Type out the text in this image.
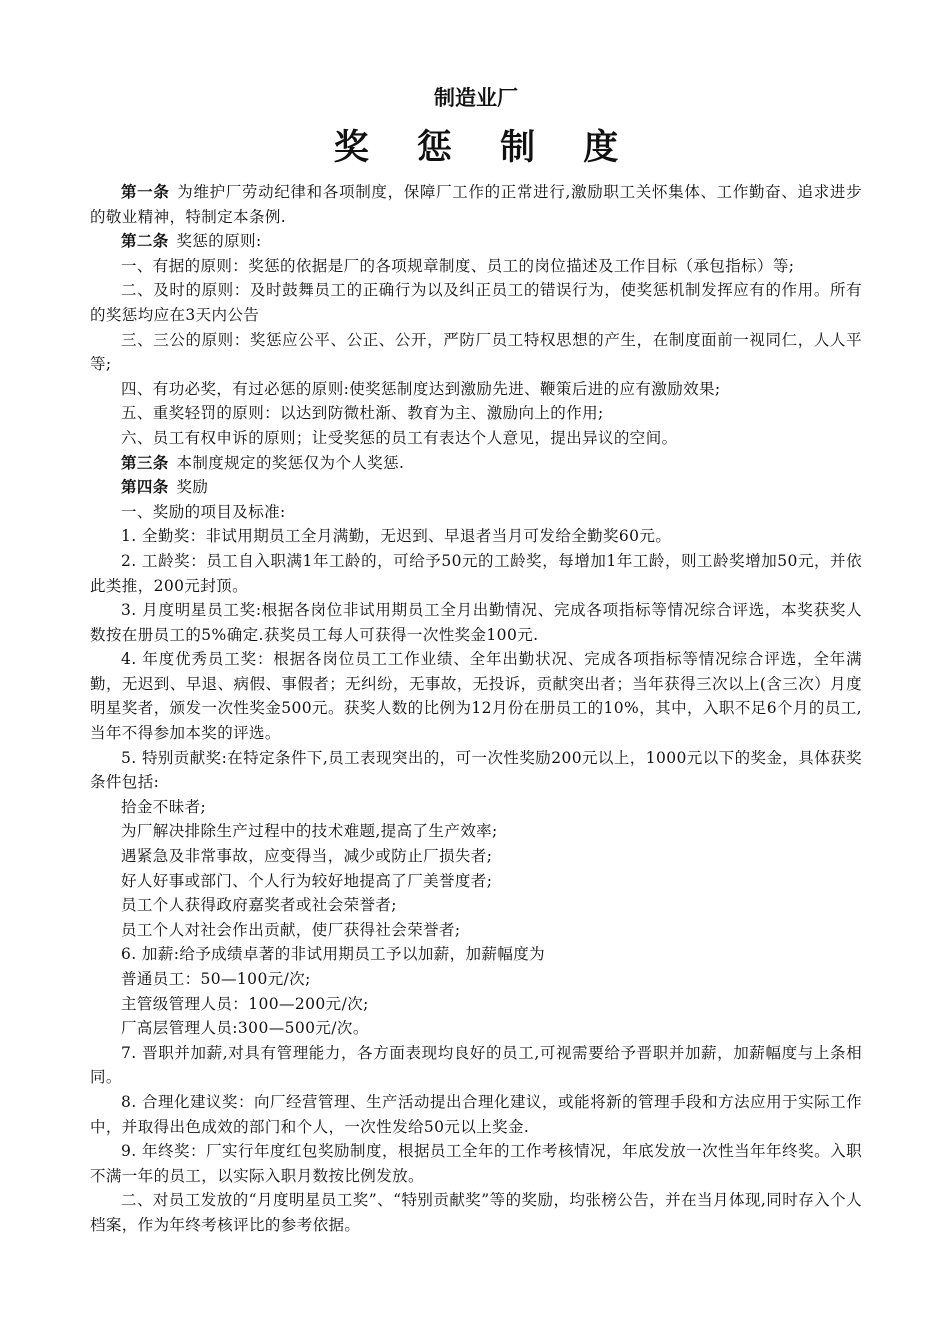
制造业厂
奖 惩 制 度

第一条 为维护厂劳动纪律和各项制度，保障厂工作的正常进行,激励职工关怀集体、工作勤奋、追求进步的敬业精神，特制定本条例.

第二条 奖惩的原则:

一、有据的原则：奖惩的依据是厂的各项规章制度、员工的岗位描述及工作目标（承包指标）等;

二、及时的原则：及时鼓舞员工的正确行为以及纠正员工的错误行为，使奖惩机制发挥应有的作用。所有的奖惩均应在3天内公告

三、三公的原则：奖惩应公平、公正、公开，严防厂员工特权思想的产生，在制度面前一视同仁，人人平等;

四、有功必奖，有过必惩的原则:使奖惩制度达到激励先进、鞭策后进的应有激励效果;

五、重奖轻罚的原则：以达到防微杜渐、教育为主、激励向上的作用;

六、员工有权申诉的原则；让受奖惩的员工有表达个人意见，提出异议的空间。

第三条 本制度规定的奖惩仅为个人奖惩.

第四条 奖励

一、奖励的项目及标准:

1. 全勤奖：非试用期员工全月满勤，无迟到、早退者当月可发给全勤奖60元。

2. 工龄奖：员工自入职满1年工龄的，可给予50元的工龄奖，每增加1年工龄，则工龄奖增加50元，并依此类推，200元封顶。

3. 月度明星员工奖:根据各岗位非试用期员工全月出勤情况、完成各项指标等情况综合评选，本奖获奖人数按在册员工的5%确定.获奖员工每人可获得一次性奖金100元.

4. 年度优秀员工奖：根据各岗位员工工作业绩、全年出勤状况、完成各项指标等情况综合评选，全年满勤，无迟到、早退、病假、事假者；无纠纷，无事故，无投诉，贡献突出者；当年获得三次以上(含三次）月度明星奖者，颁发一次性奖金500元。获奖人数的比例为12月份在册员工的10%，其中，入职不足6个月的员工,当年不得参加本奖的评选。

5. 特别贡献奖:在特定条件下,员工表现突出的，可一次性奖励200元以上，1000元以下的奖金，具体获奖条件包括:

拾金不昧者;

为厂解决排除生产过程中的技术难题,提高了生产效率;

遇紧急及非常事故，应变得当，减少或防止厂损失者;

好人好事或部门、个人行为较好地提高了厂美誉度者;

员工个人获得政府嘉奖者或社会荣誉者;

员工个人对社会作出贡献，使厂获得社会荣誉者;

6. 加薪:给予成绩卓著的非试用期员工予以加薪，加薪幅度为

普通员工：50—100元/次;

主管级管理人员：100—200元/次;

厂高层管理人员:300—500元/次。

7. 晋职并加薪,对具有管理能力，各方面表现均良好的员工,可视需要给予晋职并加薪，加薪幅度与上条相同。

8. 合理化建议奖：向厂经营管理、生产活动提出合理化建议，或能将新的管理手段和方法应用于实际工作中，并取得出色成效的部门和个人，一次性发给50元以上奖金.

9. 年终奖：厂实行年度红包奖励制度，根据员工全年的工作考核情况，年底发放一次性当年年终奖。入职不满一年的员工，以实际入职月数按比例发放。

二、对员工发放的“月度明星员工奖”、“特别贡献奖”等的奖励，均张榜公告，并在当月体现,同时存入个人档案，作为年终考核评比的参考依据。
